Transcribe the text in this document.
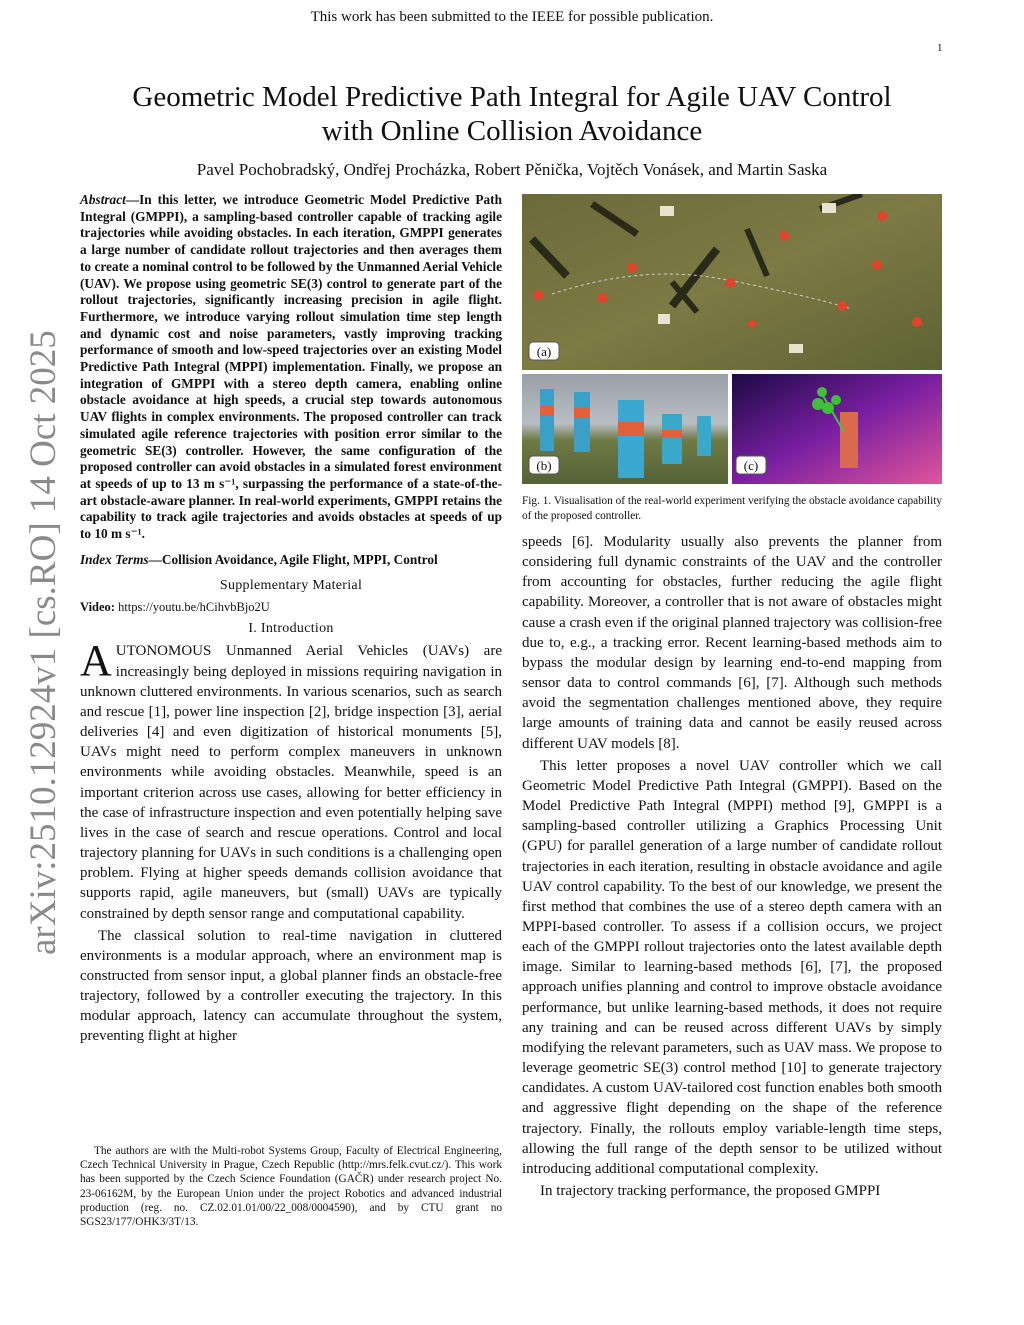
This work has been submitted to the IEEE for possible publication.
1
arXiv:2510.12924v1 [cs.RO] 14 Oct 2025
Geometric Model Predictive Path Integral for Agile UAV Control
with Online Collision Avoidance
Pavel Pochobradský, Ondřej Procházka, Robert Pěnička, Vojtěch Vonásek, and Martin Saska

Abstract—In this letter, we introduce Geometric Model Predictive Path Integral (GMPPI), a sampling-based controller capable of tracking agile trajectories while avoiding obstacles. In each iteration, GMPPI generates a large number of candidate rollout trajectories and then averages them to create a nominal control to be followed by the Unmanned Aerial Vehicle (UAV). We propose using geometric SE(3) control to generate part of the rollout trajectories, significantly increasing precision in agile flight. Furthermore, we introduce varying rollout simulation time step length and dynamic cost and noise parameters, vastly improving tracking performance of smooth and low-speed trajectories over an existing Model Predictive Path Integral (MPPI) implementation. Finally, we propose an integration of GMPPI with a stereo depth camera, enabling online obstacle avoidance at high speeds, a crucial step towards autonomous UAV flights in complex environments. The proposed controller can track simulated agile reference trajectories with position error similar to the geometric SE(3) controller. However, the same configuration of the proposed controller can avoid obstacles in a simulated forest environment at speeds of up to 13 m s⁻¹, surpassing the performance of a state-of-the-art obstacle-aware planner. In real-world experiments, GMPPI retains the capability to track agile trajectories and avoids obstacles at speeds of up to 10 m s⁻¹.

Index Terms—Collision Avoidance, Agile Flight, MPPI, Control

Supplementary Material
Video: https://youtu.be/hCihvbBjo2U
I. Introduction

AUTONOMOUS Unmanned Aerial Vehicles (UAVs) are increasingly being deployed in missions requiring navigation in unknown cluttered environments. In various scenarios, such as search and rescue [1], power line inspection [2], bridge inspection [3], aerial deliveries [4] and even digitization of historical monuments [5], UAVs might need to perform complex maneuvers in unknown environments while avoiding obstacles. Meanwhile, speed is an important criterion across use cases, allowing for better efficiency in the case of infrastructure inspection and even potentially helping save lives in the case of search and rescue operations. Control and local trajectory planning for UAVs in such conditions is a challenging open problem. Flying at higher speeds demands collision avoidance that supports rapid, agile maneuvers, but (small) UAVs are typically constrained by depth sensor range and computational capability.

The classical solution to real-time navigation in cluttered environments is a modular approach, where an environment map is constructed from sensor input, a global planner finds an obstacle-free trajectory, followed by a controller executing the trajectory. In this modular approach, latency can accumulate throughout the system, preventing flight at higher

The authors are with the Multi-robot Systems Group, Faculty of Electrical Engineering, Czech Technical University in Prague, Czech Republic (http://mrs.felk.cvut.cz/). This work has been supported by the Czech Science Foundation (GAČR) under research project No. 23-06162M, by the European Union under the project Robotics and advanced industrial production (reg. no. CZ.02.01.01/00/22_008/0004590), and by CTU grant no SGS23/177/OHK3/3T/13.
(a)
(b)	(c)
Fig. 1. Visualisation of the real-world experiment verifying the obstacle avoidance capability of the proposed controller.

speeds [6]. Modularity usually also prevents the planner from considering full dynamic constraints of the UAV and the controller from accounting for obstacles, further reducing the agile flight capability. Moreover, a controller that is not aware of obstacles might cause a crash even if the original planned trajectory was collision-free due to, e.g., a tracking error. Recent learning-based methods aim to bypass the modular design by learning end-to-end mapping from sensor data to control commands [6], [7]. Although such methods avoid the segmentation challenges mentioned above, they require large amounts of training data and cannot be easily reused across different UAV models [8].

This letter proposes a novel UAV controller which we call Geometric Model Predictive Path Integral (GMPPI). Based on the Model Predictive Path Integral (MPPI) method [9], GMPPI is a sampling-based controller utilizing a Graphics Processing Unit (GPU) for parallel generation of a large number of candidate rollout trajectories in each iteration, resulting in obstacle avoidance and agile UAV control capability. To the best of our knowledge, we present the first method that combines the use of a stereo depth camera with an MPPI-based controller. To assess if a collision occurs, we project each of the GMPPI rollout trajectories onto the latest available depth image. Similar to learning-based methods [6], [7], the proposed approach unifies planning and control to improve obstacle avoidance performance, but unlike learning-based methods, it does not require any training and can be reused across different UAVs by simply modifying the relevant parameters, such as UAV mass. We propose to leverage geometric SE(3) control method [10] to generate trajectory candidates. A custom UAV-tailored cost function enables both smooth and aggressive flight depending on the shape of the reference trajectory. Finally, the rollouts employ variable-length time steps, allowing the full range of the depth sensor to be utilized without introducing additional computational complexity.

In trajectory tracking performance, the proposed GMPPI
